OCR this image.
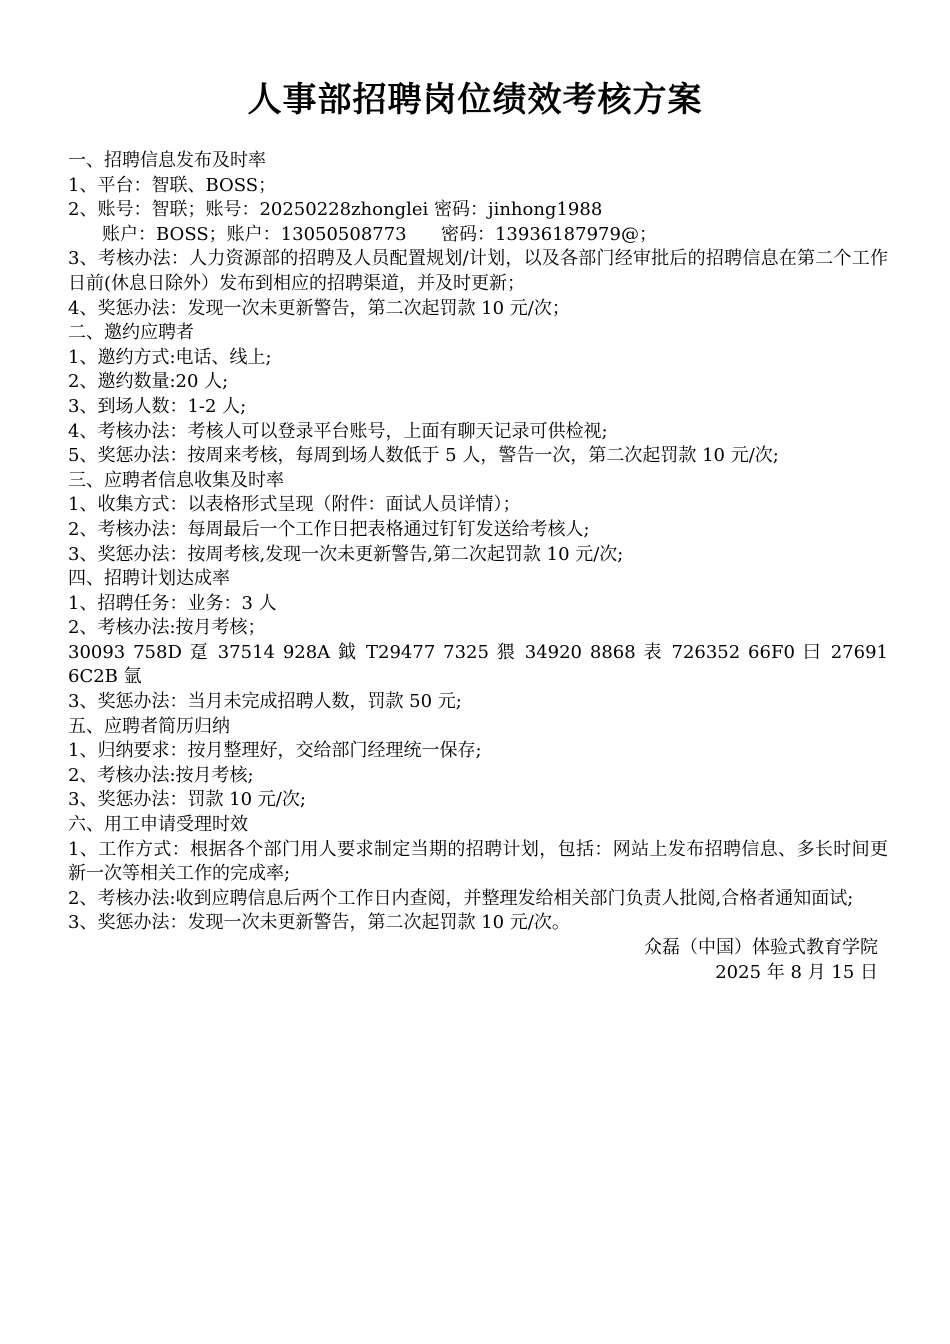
人事部招聘岗位绩效考核方案
一、招聘信息发布及时率
1、平台：智联、BOSS；
2、账号：智联；账号：20250228zhonglei 密码：jinhong1988
账户：BOSS；账户：13050508773      密码：13936187979@；
3、考核办法：人力资源部的招聘及人员配置规划/计划，以及各部门经审批后的招聘信息在第二个工作日前(休息日除外）发布到相应的招聘渠道，并及时更新；
4、奖惩办法：发现一次未更新警告，第二次起罚款 10 元/次；
二、邀约应聘者
1、邀约方式:电话、线上;
2、邀约数量:20 人;
3、到场人数：1-2 人;
4、考核办法：考核人可以登录平台账号，上面有聊天记录可供检视;
5、奖惩办法：按周来考核，每周到场人数低于 5 人，警告一次，第二次起罚款 10 元/次;
三、应聘者信息收集及时率
1、收集方式：以表格形式呈现（附件：面试人员详情）；
2、考核办法：每周最后一个工作日把表格通过钉钉发送给考核人;
3、奖惩办法：按周考核,发现一次未更新警告,第二次起罚款 10 元/次;
四、招聘计划达成率
1、招聘任务：业务：3 人
2、考核办法:按月考核；
30093 758D 趸 37514 928A 鉞 T29477 7325 猥 34920 8868 表 726352 66F0 曰 27691 6C2B 氩
3、奖惩办法：当月未完成招聘人数，罚款 50 元;
五、应聘者简历归纳
1、归纳要求：按月整理好，交给部门经理统一保存;
2、考核办法:按月考核;
3、奖惩办法：罚款 10 元/次;
六、用工申请受理时效
1、工作方式：根据各个部门用人要求制定当期的招聘计划，包括：网站上发布招聘信息、多长时间更新一次等相关工作的完成率;
2、考核办法:收到应聘信息后两个工作日内查阅，并整理发给相关部门负责人批阅,合格者通知面试;
3、奖惩办法：发现一次未更新警告，第二次起罚款 10 元/次。
众磊（中国）体验式教育学院
2025 年 8 月 15 日
